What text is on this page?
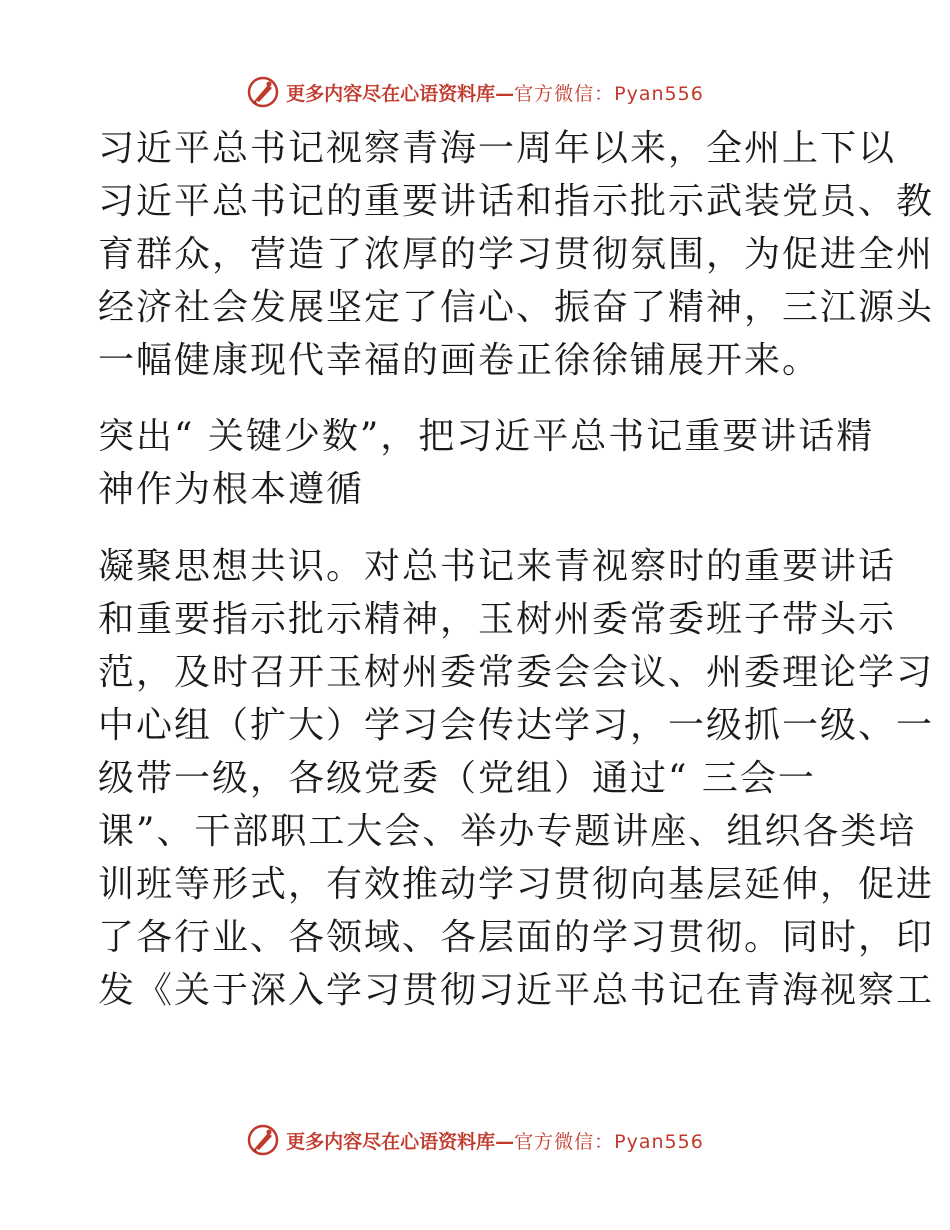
更多内容尽在心语资料库— 官方微信：Pyan556
习近平总书记视察青海一周年以来，全州上下以
习近平总书记的重要讲话和指示批示武装党员、教
育群众，营造了浓厚的学习贯彻氛围，为促进全州
经济社会发展坚定了信心、振奋了精神，三江源头
一幅健康现代幸福的画卷正徐徐铺展开来。
突出“ 关键少数”，把习近平总书记重要讲话精
神作为根本遵循
凝聚思想共识。对总书记来青视察时的重要讲话
和重要指示批示精神，玉树州委常委班子带头示
范，及时召开玉树州委常委会会议、州委理论学习
中心组（扩大）学习会传达学习，一级抓一级、一
级带一级，各级党委（党组）通过“ 三会一
课”、干部职工大会、举办专题讲座、组织各类培
训班等形式，有效推动学习贯彻向基层延伸，促进
了各行业、各领域、各层面的学习贯彻。同时，印
发《关于深入学习贯彻习近平总书记在青海视察工
更多内容尽在心语资料库— 官方微信：Pyan556
